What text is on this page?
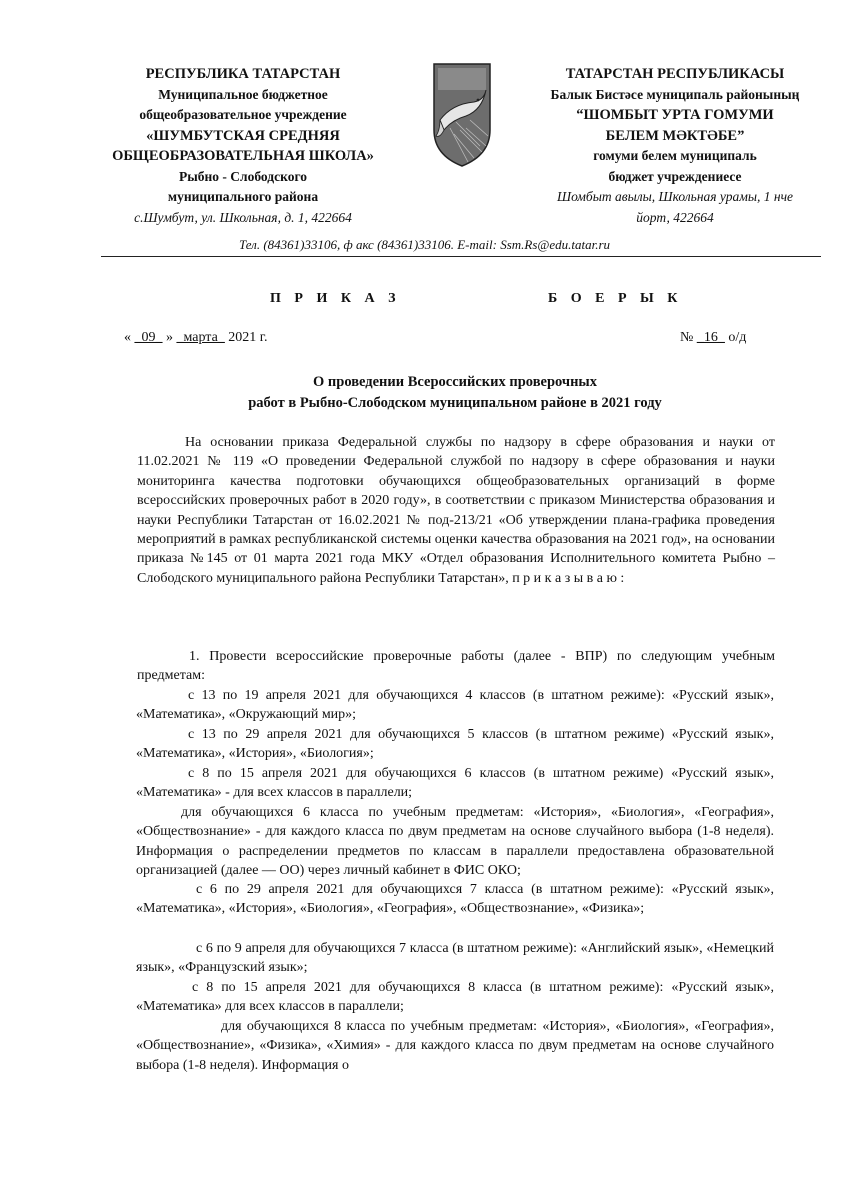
РЕСПУБЛИКА ТАТАРСТАН
Муниципальное бюджетное
общеобразовательное учреждение
«ШУМБУТСКАЯ СРЕДНЯЯ
ОБЩЕОБРАЗОВАТЕЛЬНАЯ ШКОЛА»
Рыбно - Слободского
муниципального района
с.Шумбут, ул. Школьная, д. 1, 422664
ТАТАРСТАН РЕСПУБЛИКАСЫ
Балык Бистәсе муниципаль районының
“ШОМБЫТ УРТА ГОМУМИ
БЕЛЕМ МӘКТӘБЕ”
гомуми белем муниципаль
бюджет учреждениесе
Шомбыт авылы, Школьная урамы, 1 нче
йорт, 422664
Тел. (84361)33106, ф акс (84361)33106. E-mail: Ssm.Rs@edu.tatar.ru
П Р И К А З	Б О Е Р Ы К
« _09_ » _марта_ 2021 г.	№ _16_ о/д
О проведении Всероссийских проверочных
работ в Рыбно-Слободском муниципальном районе в 2021 году
На основании приказа Федеральной службы по надзору в сфере образования и науки от 11.02.2021 № 119 «О проведении Федеральной службой по надзору в сфере образования и науки мониторинга качества подготовки обучающихся общеобразовательных организаций в форме всероссийских проверочных работ в 2020 году», в соответствии с приказом Министерства образования и науки Республики Татарстан от 16.02.2021 № под-213/21 «Об утверждении плана-графика проведения мероприятий в рамках республиканской системы оценки качества образования на 2021 год», на основании приказа №145 от 01 марта 2021 года МКУ «Отдел образования Исполнительного комитета Рыбно – Слободского муниципального района Республики Татарстан», п р и к а з ы в а ю :
1. Провести всероссийские проверочные работы (далее - ВПР) по следующим учебным предметам:
с 13 по 19 апреля 2021 для обучающихся 4 классов (в штатном режиме): «Русский язык», «Математика», «Окружающий мир»;
с 13 по 29 апреля 2021 для обучающихся 5 классов (в штатном режиме) «Русский язык», «Математика», «История», «Биология»;
с 8 по 15 апреля 2021 для обучающихся 6 классов (в штатном режиме) «Русский язык», «Математика» - для всех классов в параллели;
для обучающихся 6 класса по учебным предметам: «История», «Биология», «География», «Обществознание» - для каждого класса по двум предметам на основе случайного выбора (1-8 неделя). Информация о распределении предметов по классам в параллели предоставлена образовательной организацией (далее — ОО) через личный кабинет в ФИС ОКО;
с 6 по 29 апреля 2021 для обучающихся 7 класса (в штатном режиме): «Русский язык», «Математика», «История», «Биология», «География», «Обществознание», «Физика»;
с 6 по 9 апреля для обучающихся 7 класса (в штатном режиме): «Английский язык», «Немецкий язык», «Французский язык»;
с 8 по 15 апреля 2021 для обучающихся 8 класса (в штатном режиме): «Русский язык», «Математика» для всех классов в параллели;
для обучающихся 8 класса по учебным предметам: «История», «Биология», «География», «Обществознание», «Физика», «Химия» - для каждого класса по двум предметам на основе случайного выбора (1-8 неделя). Информация о
